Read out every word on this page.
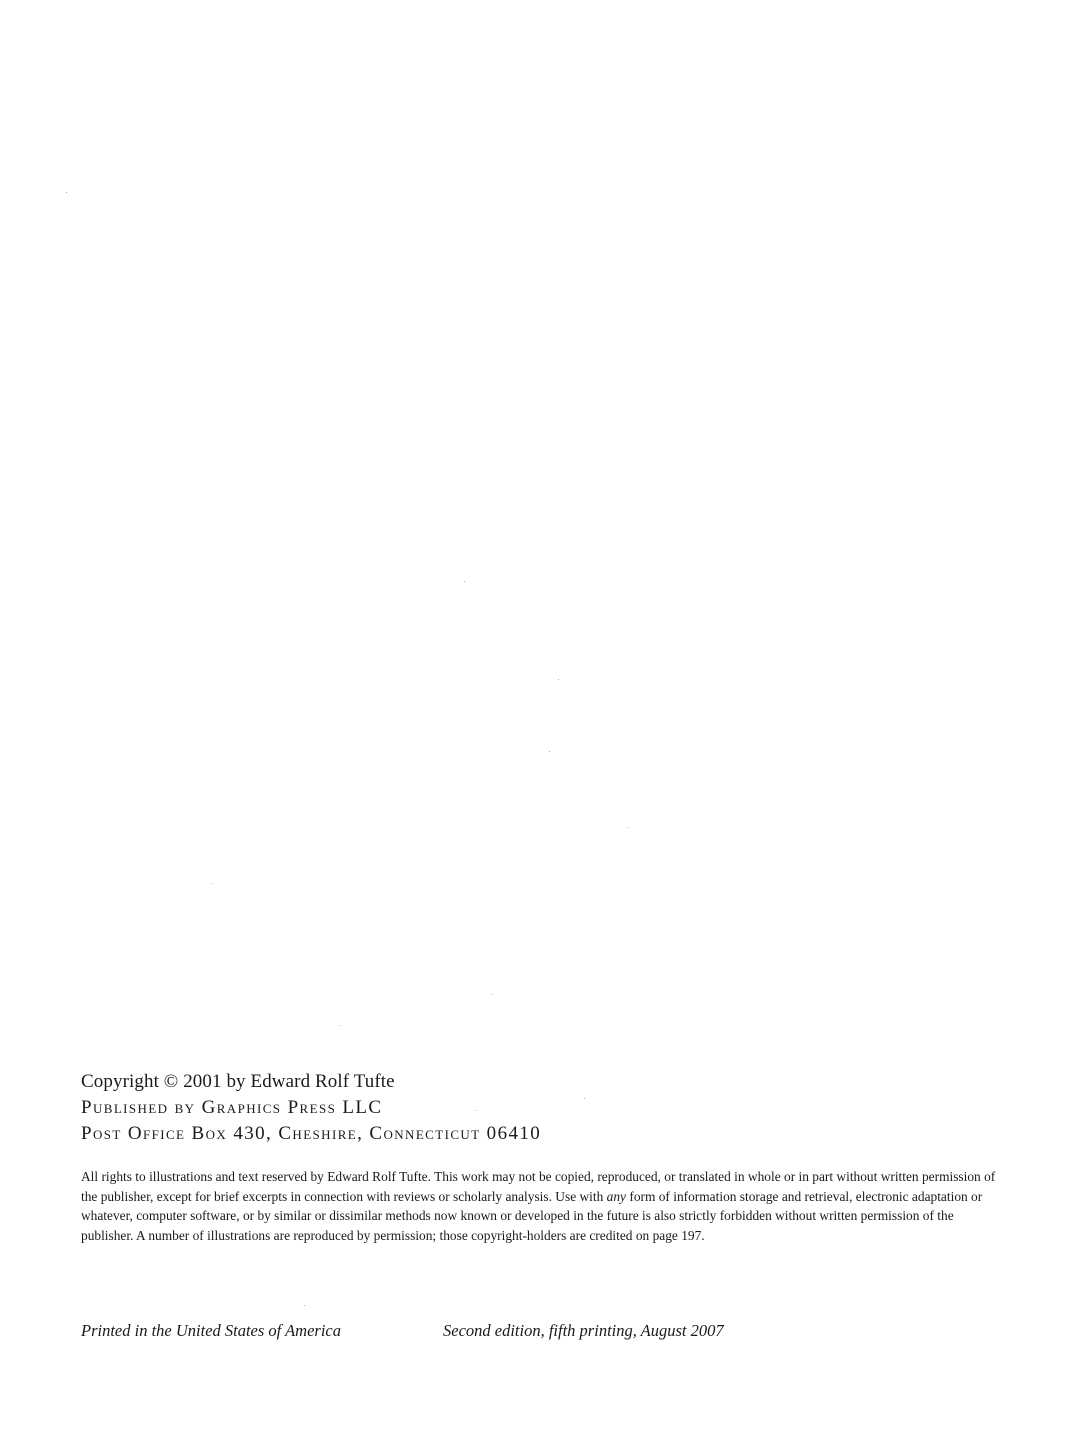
Copyright © 2001 by Edward Rolf Tufte

Published by Graphics Press LLC

Post Office Box 430, Cheshire, Connecticut 06410

All rights to illustrations and text reserved by Edward Rolf Tufte. This work may not be copied, reproduced, or translated in whole or in part without written permission of the publisher, except for brief excerpts in connection with reviews or scholarly analysis. Use with any form of information storage and retrieval, electronic adaptation or whatever, computer software, or by similar or dissimilar methods now known or developed in the future is also strictly forbidden without written permission of the publisher. A number of illustrations are reproduced by permission; those copyright-holders are credited on page 197.

Printed in the United States of America	Second edition, fifth printing, August 2007
